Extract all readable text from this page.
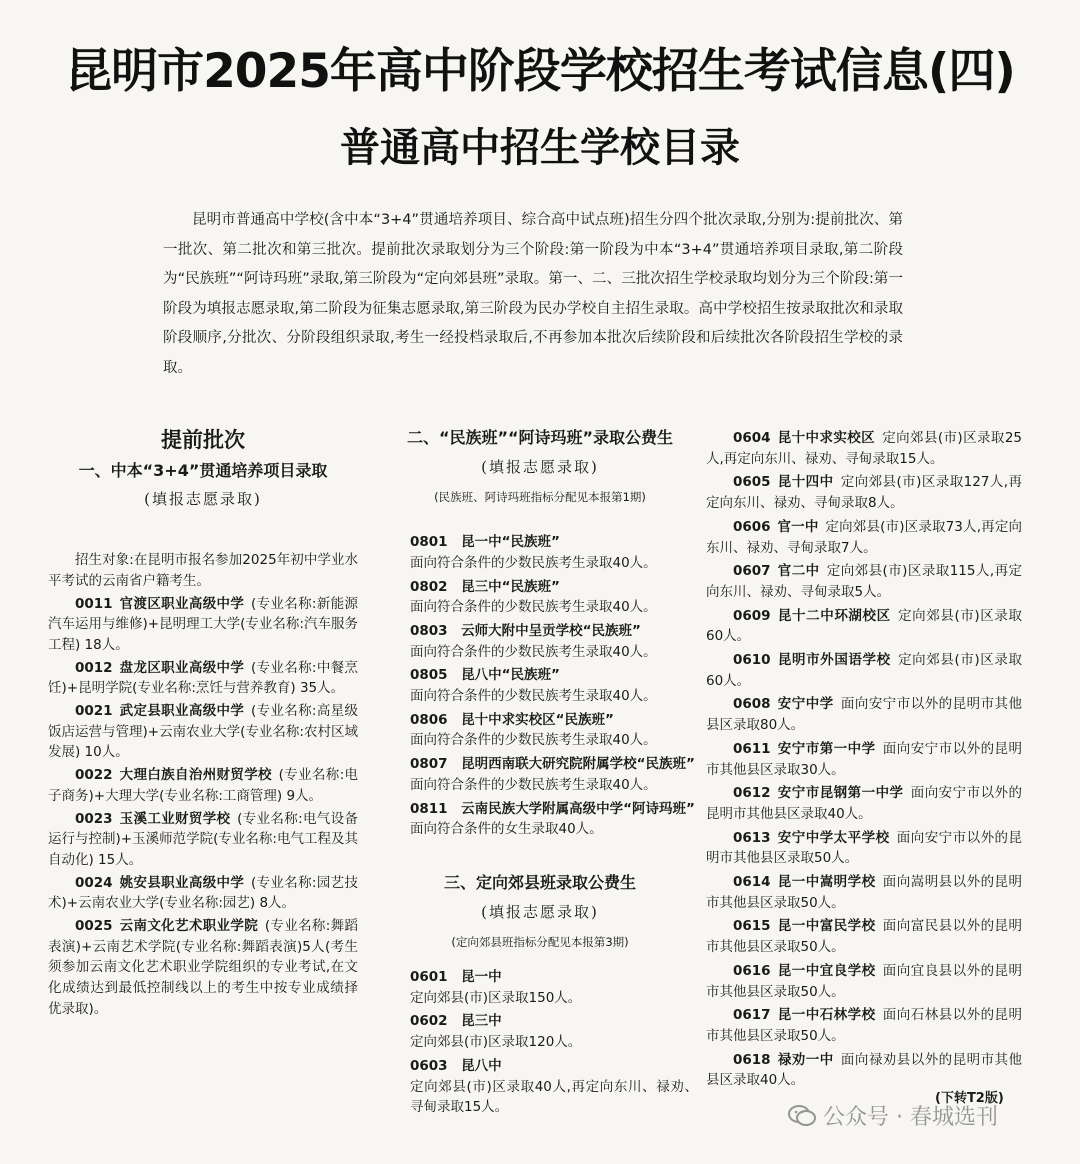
昆明市2025年高中阶段学校招生考试信息(四)
普通高中招生学校目录

昆明市普通高中学校(含中本“3+4”贯通培养项目、综合高中试点班)招生分四个批次录取,分别为:提前批次、第一批次、第二批次和第三批次。提前批次录取划分为三个阶段:第一阶段为中本“3+4”贯通培养项目录取,第二阶段为“民族班”“阿诗玛班”录取,第三阶段为“定向郊县班”录取。第一、二、三批次招生学校录取均划分为三个阶段:第一阶段为填报志愿录取,第二阶段为征集志愿录取,第三阶段为民办学校自主招生录取。高中学校招生按录取批次和录取阶段顺序,分批次、分阶段组织录取,考生一经投档录取后,不再参加本批次后续阶段和后续批次各阶段招生学校的录取。

提前批次
一、中本“3+4”贯通培养项目录取
(填报志愿录取)

招生对象:在昆明市报名参加2025年初中学业水平考试的云南省户籍考生。

0011  官渡区职业高级中学  (专业名称:新能源汽车运用与维修)+昆明理工大学(专业名称:汽车服务工程) 18人。

0012  盘龙区职业高级中学  (专业名称:中餐烹饪)+昆明学院(专业名称:烹饪与营养教育) 35人。

0021  武定县职业高级中学  (专业名称:高星级饭店运营与管理)+云南农业大学(专业名称:农村区域发展) 10人。

0022  大理白族自治州财贸学校  (专业名称:电子商务)+大理大学(专业名称:工商管理) 9人。

0023  玉溪工业财贸学校  (专业名称:电气设备运行与控制)+玉溪师范学院(专业名称:电气工程及其自动化) 15人。

0024  姚安县职业高级中学  (专业名称:园艺技术)+云南农业大学(专业名称:园艺) 8人。

0025  云南文化艺术职业学院  (专业名称:舞蹈表演)+云南艺术学院(专业名称:舞蹈表演)5人(考生须参加云南文化艺术职业学院组织的专业考试,在文化成绩达到最低控制线以上的考生中按专业成绩择优录取)。

二、“民族班”“阿诗玛班”录取公费生
(填报志愿录取)
(民族班、阿诗玛班指标分配见本报第1期)

0801  昆一中“民族班”
面向符合条件的少数民族考生录取40人。

0802  昆三中“民族班”
面向符合条件的少数民族考生录取40人。

0803  云师大附中呈贡学校“民族班”
面向符合条件的少数民族考生录取40人。

0805  昆八中“民族班”
面向符合条件的少数民族考生录取40人。

0806  昆十中求实校区“民族班”
面向符合条件的少数民族考生录取40人。

0807  昆明西南联大研究院附属学校“民族班”
面向符合条件的少数民族考生录取40人。

0811  云南民族大学附属高级中学“阿诗玛班”
面向符合条件的女生录取40人。

三、定向郊县班录取公费生
(填报志愿录取)
(定向郊县班指标分配见本报第3期)

0601  昆一中
定向郊县(市)区录取150人。

0602  昆三中
定向郊县(市)区录取120人。

0603  昆八中
定向郊县(市)区录取40人,再定向东川、禄劝、寻甸录取15人。

0604  昆十中求实校区  定向郊县(市)区录取25人,再定向东川、禄劝、寻甸录取15人。

0605  昆十四中  定向郊县(市)区录取127人,再定向东川、禄劝、寻甸录取8人。

0606  官一中  定向郊县(市)区录取73人,再定向东川、禄劝、寻甸录取7人。

0607  官二中  定向郊县(市)区录取115人,再定向东川、禄劝、寻甸录取5人。

0609  昆十二中环湖校区  定向郊县(市)区录取60人。

0610  昆明市外国语学校  定向郊县(市)区录取60人。

0608  安宁中学  面向安宁市以外的昆明市其他县区录取80人。

0611  安宁市第一中学  面向安宁市以外的昆明市其他县区录取30人。

0612  安宁市昆钢第一中学  面向安宁市以外的昆明市其他县区录取40人。

0613  安宁中学太平学校  面向安宁市以外的昆明市其他县区录取50人。

0614  昆一中嵩明学校  面向嵩明县以外的昆明市其他县区录取50人。

0615  昆一中富民学校  面向富民县以外的昆明市其他县区录取50人。

0616  昆一中宜良学校  面向宜良县以外的昆明市其他县区录取50人。

0617  昆一中石林学校  面向石林县以外的昆明市其他县区录取50人。

0618  禄劝一中  面向禄劝县以外的昆明市其他县区录取40人。

(下转T2版)
公众号 · 春城选刊
